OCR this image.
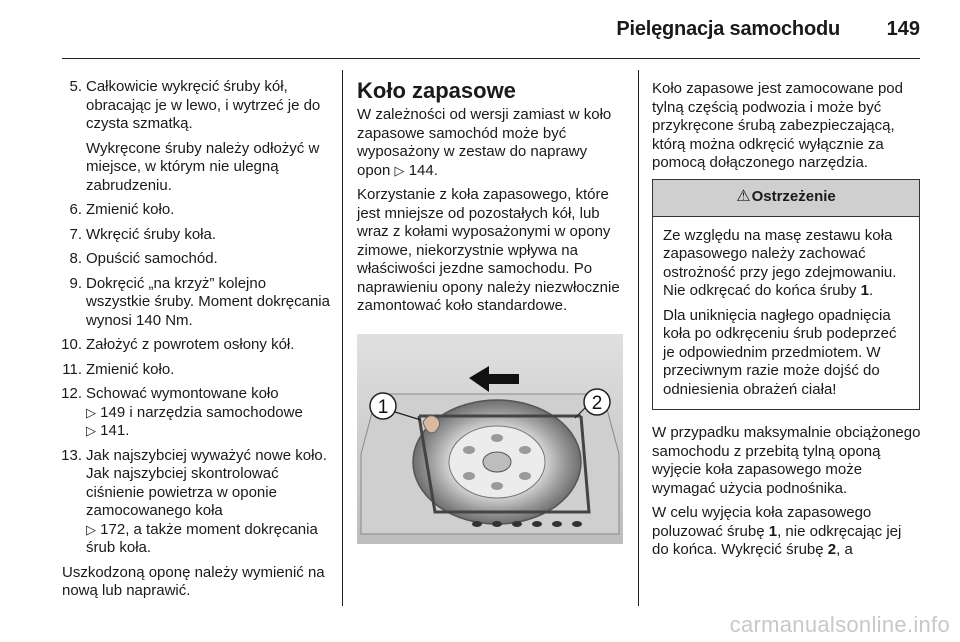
Pielęgnacja samochodu 149
5. Całkowicie wykręcić śruby kół, obracając je w lewo, i wytrzeć je do czysta szmatką.
Wykręcone śruby należy odłożyć w miejsce, w którym nie ulegną zabrudzeniu.
6. Zmienić koło.
7. Wkręcić śruby koła.
8. Opuścić samochód.
9. Dokręcić „na krzyż” kolejno wszystkie śruby. Moment dokręcania wynosi 140 Nm.
10. Założyć z powrotem osłony kół.
11. Zmienić koło.
12. Schować wymontowane koło
▷ 149 i narzędzia samochodowe
▷ 141.
13. Jak najszybciej wyważyć nowe koło. Jak najszybciej skontrolować ciśnienie powietrza w oponie zamocowanego koła
▷ 172, a także moment dokręcania śrub koła.

Uszkodzoną oponę należy wymienić na nową lub naprawić.

Koło zapasowe

W zależności od wersji zamiast w koło zapasowe samochód może być wyposażony w zestaw do naprawy opon ▷ 144.

Korzystanie z koła zapasowego, które jest mniejsze od pozostałych kół, lub wraz z kołami wyposażonymi w opony zimowe, niekorzystnie wpływa na właściwości jezdne samochodu. Po naprawieniu opony należy niezwłocznie zamontować koło standardowe.

1	2

Koło zapasowe jest zamocowane pod tylną częścią podwozia i może być przykręcone śrubą zabezpieczającą, którą można odkręcić wyłącznie za pomocą dołączonego narzędzia.

⚠ Ostrzeżenie

Ze względu na masę zestawu koła zapasowego należy zachować ostrożność przy jego zdejmowaniu. Nie odkręcać do końca śruby 1.

Dla uniknięcia nagłego opadnięcia koła po odkręceniu śrub podeprzeć je odpowiednim przedmiotem. W przeciwnym razie może dojść do odniesienia obrażeń ciała!

W przypadku maksymalnie obciążonego samochodu z przebitą tylną oponą wyjęcie koła zapasowego może wymagać użycia podnośnika.

W celu wyjęcia koła zapasowego poluzować śrubę 1, nie odkręcając jej do końca. Wykręcić śrubę 2, a

carmanualsonline.info
